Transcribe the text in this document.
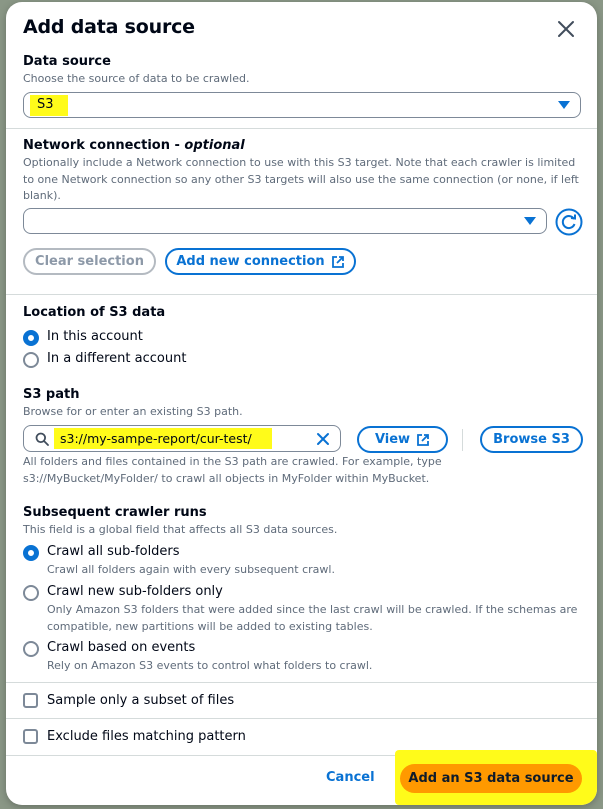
Add data source
Data source
Choose the source of data to be crawled.
S3
Network connection - optional
Optionally include a Network connection to use with this S3 target. Note that each crawler is limited to one Network connection so any other S3 targets will also use the same connection (or none, if left blank).
Clear selection	Add new connection
Location of S3 data
In this account
In a different account
S3 path
Browse for or enter an existing S3 path.
s3://my-sampe-report/cur-test/	View	Browse S3
All folders and files contained in the S3 path are crawled. For example, type s3://MyBucket/MyFolder/ to crawl all objects in MyFolder within MyBucket.
Subsequent crawler runs
This field is a global field that affects all S3 data sources.
Crawl all sub-folders
Crawl all folders again with every subsequent crawl.
Crawl new sub-folders only
Only Amazon S3 folders that were added since the last crawl will be crawled. If the schemas are compatible, new partitions will be added to existing tables.
Crawl based on events
Rely on Amazon S3 events to control what folders to crawl.
Sample only a subset of files
Exclude files matching pattern
Cancel	Add an S3 data source
